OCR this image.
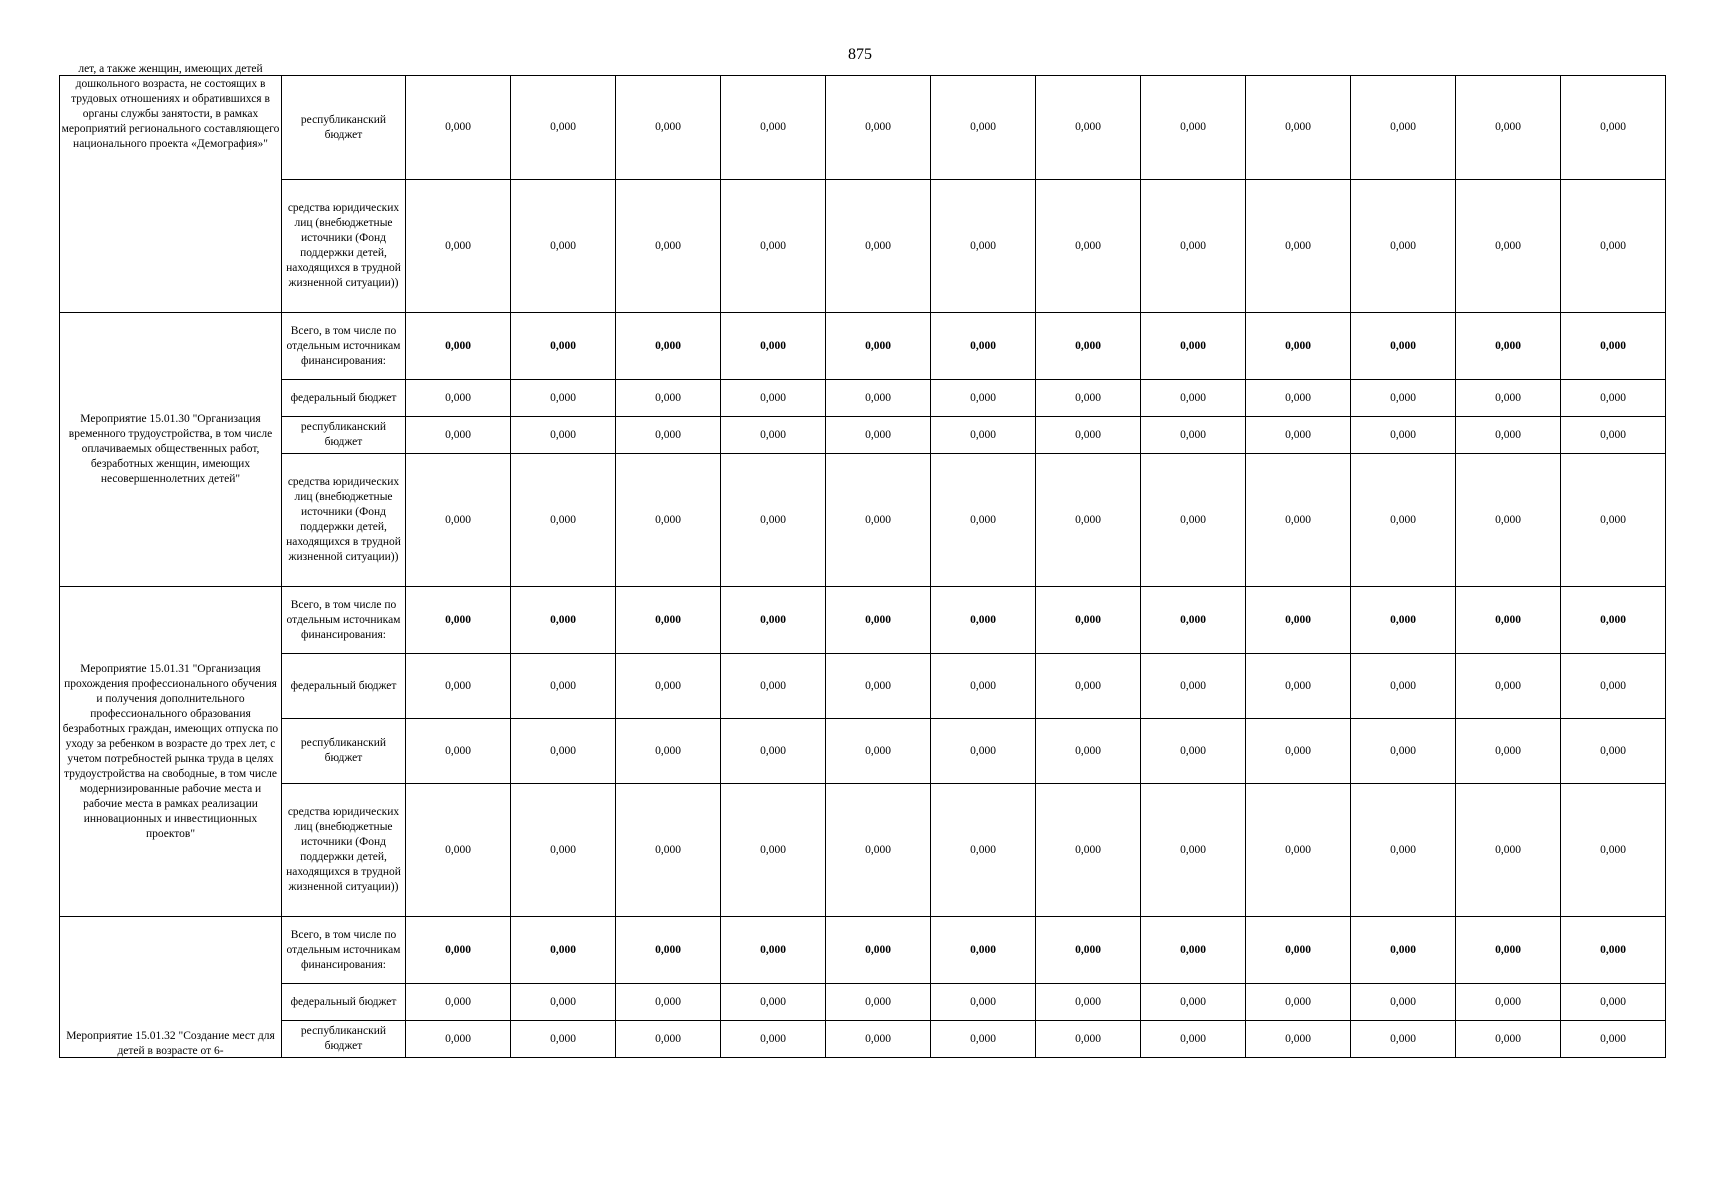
875
лет, а также женщин, имеющих детей дошкольного возраста, не состоящих в трудовых отношениях и обратившихся в органы службы занятости, в рамках мероприятий регионального составляющего национального проекта «Демография»"	республиканский бюджет	0,000	0,000	0,000	0,000	0,000	0,000	0,000	0,000	0,000	0,000	0,000	0,000
	средства юридических лиц (внебюджетные источники (Фонд поддержки детей, находящихся в трудной жизненной ситуации))	0,000	0,000	0,000	0,000	0,000	0,000	0,000	0,000	0,000	0,000	0,000	0,000

Мероприятие 15.01.30 "Организация временного трудоустройства, в том числе оплачиваемых общественных работ, безработных женщин, имеющих несовершеннолетних детей"	Всего, в том числе по отдельным источникам финансирования:	0,000	0,000	0,000	0,000	0,000	0,000	0,000	0,000	0,000	0,000	0,000	0,000
	федеральный бюджет	0,000	0,000	0,000	0,000	0,000	0,000	0,000	0,000	0,000	0,000	0,000	0,000
	республиканский бюджет	0,000	0,000	0,000	0,000	0,000	0,000	0,000	0,000	0,000	0,000	0,000	0,000
	средства юридических лиц (внебюджетные источники (Фонд поддержки детей, находящихся в трудной жизненной ситуации))	0,000	0,000	0,000	0,000	0,000	0,000	0,000	0,000	0,000	0,000	0,000	0,000

Мероприятие 15.01.31 "Организация прохождения профессионального обучения и получения дополнительного профессионального образования безработных граждан, имеющих отпуска по уходу за ребенком в возрасте до трех лет, с учетом потребностей рынка труда в целях трудоустройства на свободные, в том числе модернизированные рабочие места и рабочие места в рамках реализации инновационных и инвестиционных проектов"	Всего, в том числе по отдельным источникам финансирования:	0,000	0,000	0,000	0,000	0,000	0,000	0,000	0,000	0,000	0,000	0,000	0,000
	федеральный бюджет	0,000	0,000	0,000	0,000	0,000	0,000	0,000	0,000	0,000	0,000	0,000	0,000
	республиканский бюджет	0,000	0,000	0,000	0,000	0,000	0,000	0,000	0,000	0,000	0,000	0,000	0,000
	средства юридических лиц (внебюджетные источники (Фонд поддержки детей, находящихся в трудной жизненной ситуации))	0,000	0,000	0,000	0,000	0,000	0,000	0,000	0,000	0,000	0,000	0,000	0,000

Мероприятие 15.01.32 "Создание мест для детей в возрасте от 6-	Всего, в том числе по отдельным источникам финансирования:	0,000	0,000	0,000	0,000	0,000	0,000	0,000	0,000	0,000	0,000	0,000	0,000
	федеральный бюджет	0,000	0,000	0,000	0,000	0,000	0,000	0,000	0,000	0,000	0,000	0,000	0,000
	республиканский бюджет	0,000	0,000	0,000	0,000	0,000	0,000	0,000	0,000	0,000	0,000	0,000	0,000
